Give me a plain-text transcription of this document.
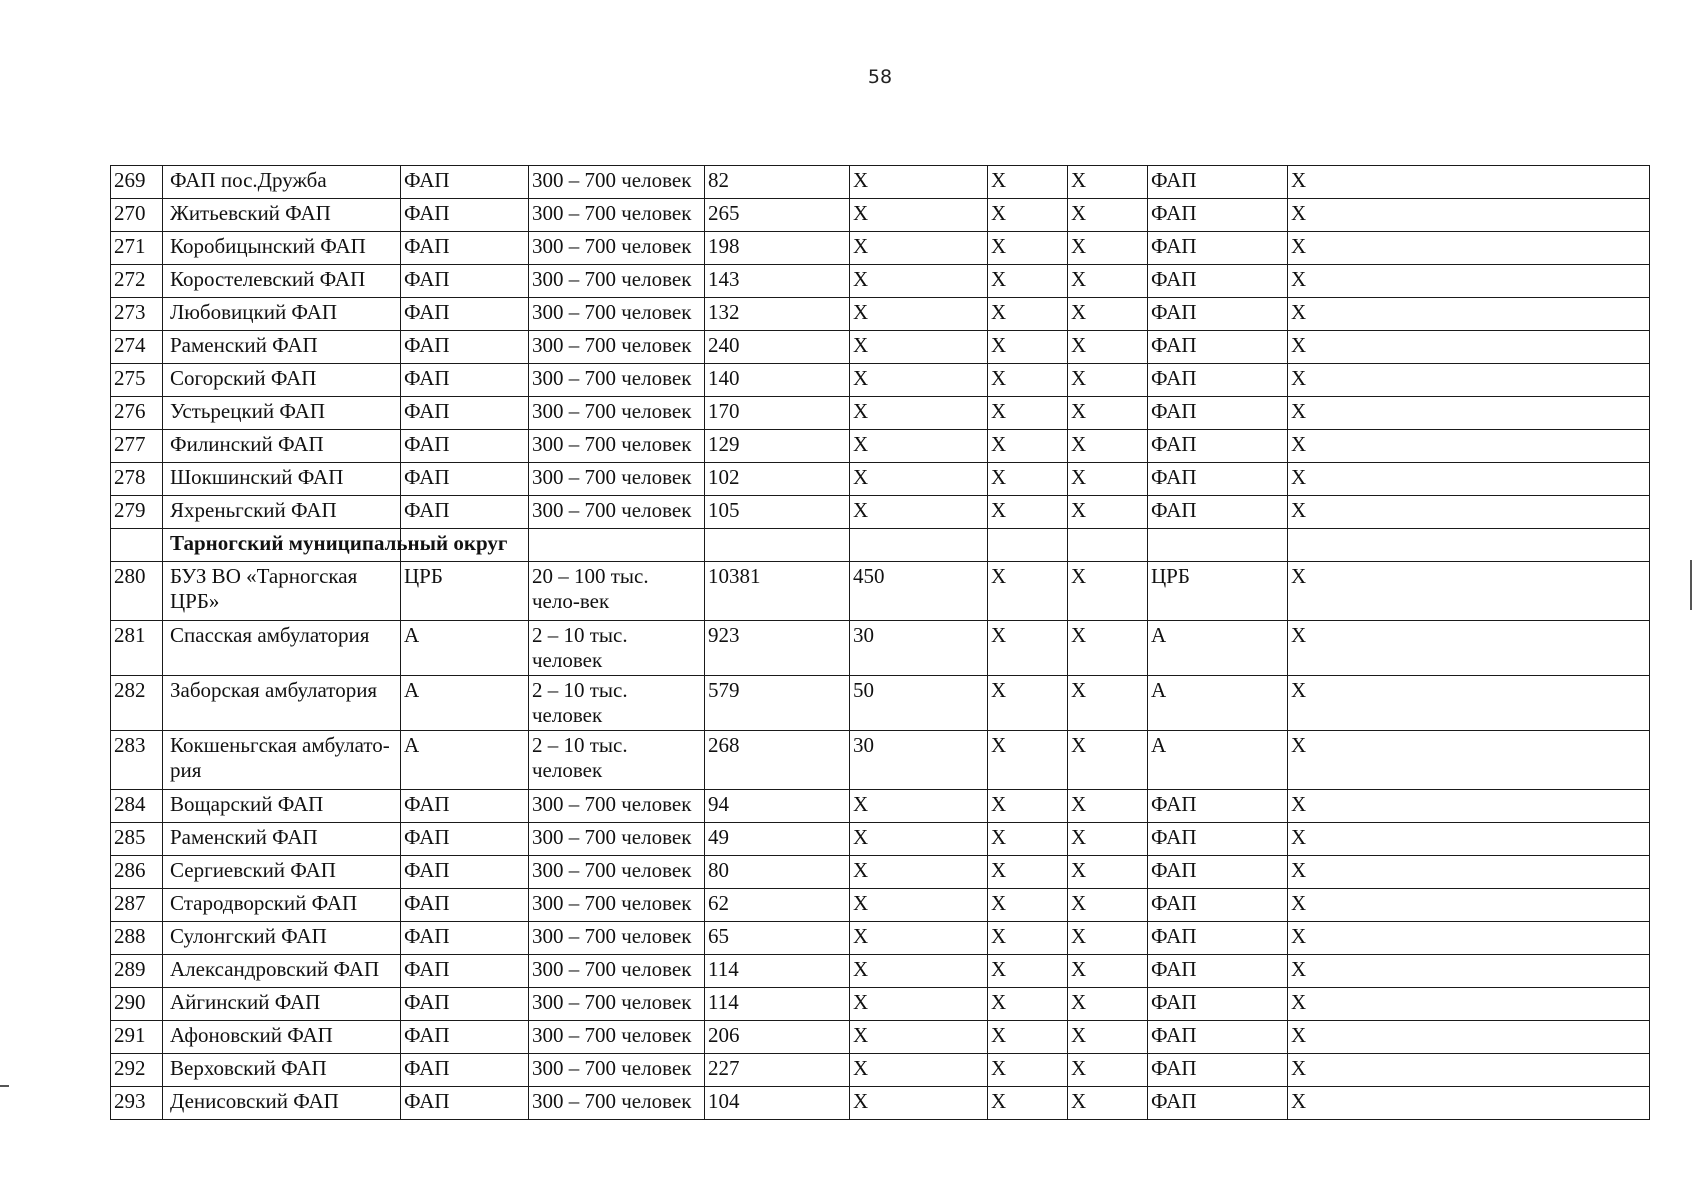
58
269	ФАП пос.Дружба	ФАП	300 – 700 человек	82	X	X	X	ФАП	X
270	Житьевский ФАП	ФАП	300 – 700 человек	265	X	X	X	ФАП	X
271	Коробицынский ФАП	ФАП	300 – 700 человек	198	X	X	X	ФАП	X
272	Коростелевский ФАП	ФАП	300 – 700 человек	143	X	X	X	ФАП	X
273	Любовицкий ФАП	ФАП	300 – 700 человек	132	X	X	X	ФАП	X
274	Раменский ФАП	ФАП	300 – 700 человек	240	X	X	X	ФАП	X
275	Согорский ФАП	ФАП	300 – 700 человек	140	X	X	X	ФАП	X
276	Устьрецкий ФАП	ФАП	300 – 700 человек	170	X	X	X	ФАП	X
277	Филинский ФАП	ФАП	300 – 700 человек	129	X	X	X	ФАП	X
278	Шокшинский ФАП	ФАП	300 – 700 человек	102	X	X	X	ФАП	X
279	Яхреньгский ФАП	ФАП	300 – 700 человек	105	X	X	X	ФАП	X
	Тарногский муниципальный округ								
280	БУЗ ВО «Тарногская ЦРБ»	ЦРБ	20 – 100 тыс. чело-век	10381	450	X	X	ЦРБ	X
281	Спасская амбулатория	А	2 – 10 тыс. человек	923	30	X	X	А	X
282	Заборская амбулатория	А	2 – 10 тыс. человек	579	50	X	X	А	X
283	Кокшеньгская амбулато-рия	А	2 – 10 тыс. человек	268	30	X	X	А	X
284	Вощарский ФАП	ФАП	300 – 700 человек	94	X	X	X	ФАП	X
285	Раменский ФАП	ФАП	300 – 700 человек	49	X	X	X	ФАП	X
286	Сергиевский ФАП	ФАП	300 – 700 человек	80	X	X	X	ФАП	X
287	Стародворский ФАП	ФАП	300 – 700 человек	62	X	X	X	ФАП	X
288	Сулонгский ФАП	ФАП	300 – 700 человек	65	X	X	X	ФАП	X
289	Александровский ФАП	ФАП	300 – 700 человек	114	X	X	X	ФАП	X
290	Айгинский ФАП	ФАП	300 – 700 человек	114	X	X	X	ФАП	X
291	Афоновский ФАП	ФАП	300 – 700 человек	206	X	X	X	ФАП	X
292	Верховский ФАП	ФАП	300 – 700 человек	227	X	X	X	ФАП	X
293	Денисовский ФАП	ФАП	300 – 700 человек	104	X	X	X	ФАП	X
